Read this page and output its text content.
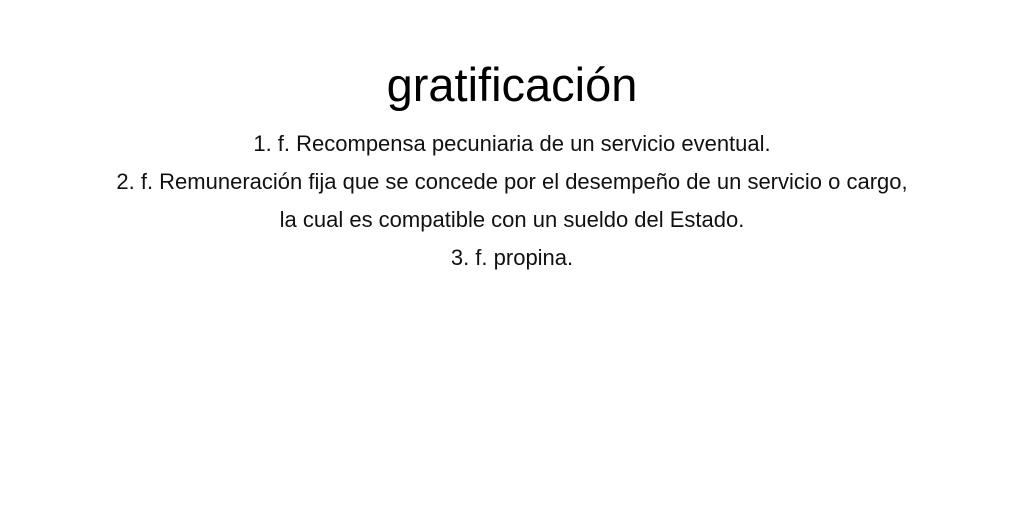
gratificación
1. f. Recompensa pecuniaria de un servicio eventual.
2. f. Remuneración fija que se concede por el desempeño de un servicio o cargo,
la cual es compatible con un sueldo del Estado.
3. f. propina.
